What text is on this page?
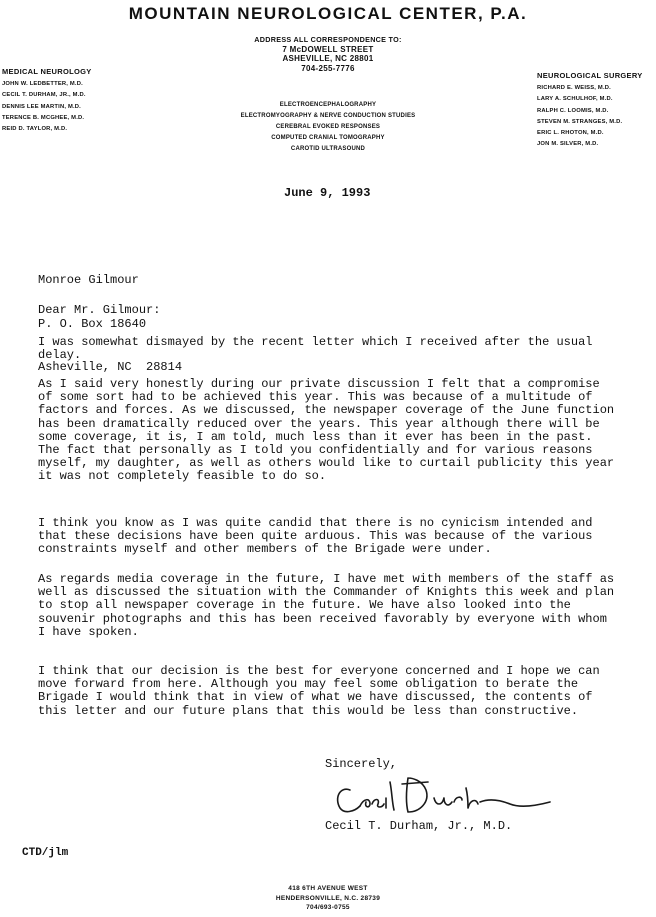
MOUNTAIN NEUROLOGICAL CENTER, P.A.
ADDRESS ALL CORRESPONDENCE TO:
7 McDOWELL STREET
ASHEVILLE, NC 28801
704-255-7776
ELECTROENCEPHALOGRAPHY
ELECTROMYOGRAPHY & NERVE CONDUCTION STUDIES
CEREBRAL EVOKED RESPONSES
COMPUTED CRANIAL TOMOGRAPHY
CAROTID ULTRASOUND
MEDICAL NEUROLOGY
JOHN W. LEDBETTER, M.D.
CECIL T. DURHAM, JR., M.D.
DENNIS LEE MARTIN, M.D.
TERENCE B. MCGHEE, M.D.
REID D. TAYLOR, M.D.
NEUROLOGICAL SURGERY
RICHARD E. WEISS, M.D.
LARY A. SCHULHOF, M.D.
RALPH C. LOOMIS, M.D.
STEVEN M. STRANGES, M.D.
ERIC L. RHOTON, M.D.
JON M. SILVER, M.D.
June 9, 1993

Monroe Gilmour

P. O. Box 18640

Asheville, NC  28814

Dear Mr. Gilmour:
I was somewhat dismayed by the recent letter which I received after the usual delay.
As I said very honestly during our private discussion I felt that a compromise of some sort had to be achieved this year. This was because of a multitude of factors and forces. As we discussed, the newspaper coverage of the June function has been dramatically reduced over the years. This year although there will be some coverage, it is, I am told, much less than it ever has been in the past. The fact that personally as I told you confidentially and for various reasons myself, my daughter, as well as others would like to curtail publicity this year it was not completely feasible to do so.
I think you know as I was quite candid that there is no cynicism intended and that these decisions have been quite arduous. This was because of the various constraints myself and other members of the Brigade were under.
As regards media coverage in the future, I have met with members of the staff as well as discussed the situation with the Commander of Knights this week and plan to stop all newspaper coverage in the future. We have also looked into the souvenir photographs and this has been received favorably by everyone with whom I have spoken.
I think that our decision is the best for everyone concerned and I hope we can move forward from here. Although you may feel some obligation to berate the Brigade I would think that in view of what we have discussed, the contents of this letter and our future plans that this would be less than constructive.
Sincerely,
Cecil T. Durham, Jr., M.D.
CTD/jlm
418 6TH AVENUE WEST
HENDERSONVILLE, N.C. 28739
704/693-0755
